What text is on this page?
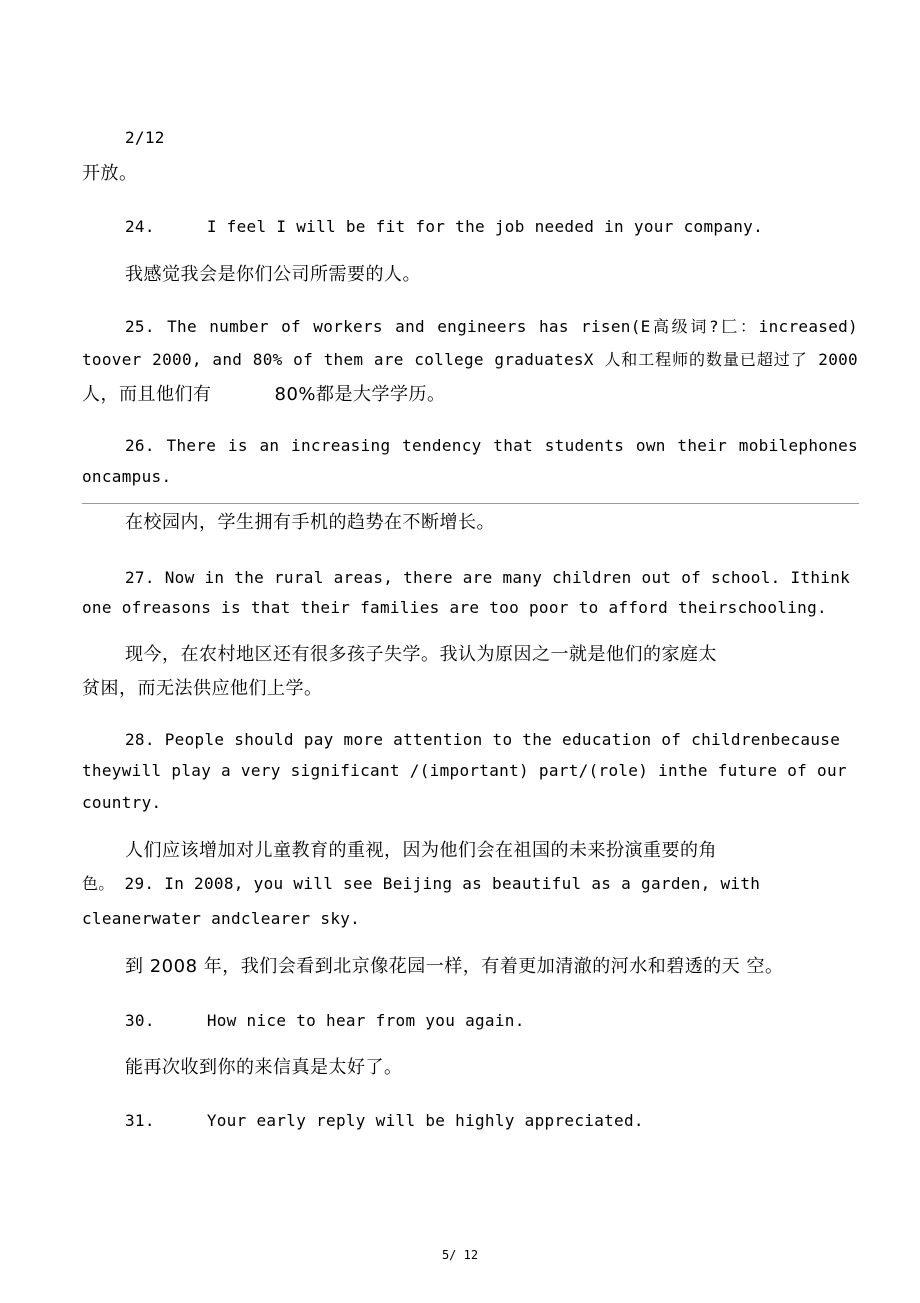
2/12
开放。
24.	I feel I will be fit for the job needed in your company.
我感觉我会是你们公司所需要的人。
25. The number of workers and engineers has risen(E高级词?匚：increased)
toover 2000, and 80% of them are college graduatesX 人和工程师的数量已超过了 2000
人，而且他们有	80%都是大学学历。
26. There is an increasing tendency that students own their mobilephones
oncampus.
在校园内，学生拥有手机的趋势在不断增长。
27. Now in the rural areas, there are many children out of school. Ithink
one ofreasons is that their families are too poor to afford theirschooling.
现今，在农村地区还有很多孩子失学。我认为原因之一就是他们的家庭太
贫困，而无法供应他们上学。
28. People should pay more attention to the education of childrenbecause
theywill play a very significant /(important) part/(role) inthe future of our
country.
人们应该增加对儿童教育的重视，因为他们会在祖国的未来扮演重要的角
色。 29. In 2008, you will see Beijing as beautiful as a garden, with
cleanerwater andclearer sky.
到 2008 年，我们会看到北京像花园一样，有着更加清澈的河水和碧透的天 空。
30.	How nice to hear from you again.
能再次收到你的来信真是太好了。
31.	Your early reply will be highly appreciated.
5/ 12
